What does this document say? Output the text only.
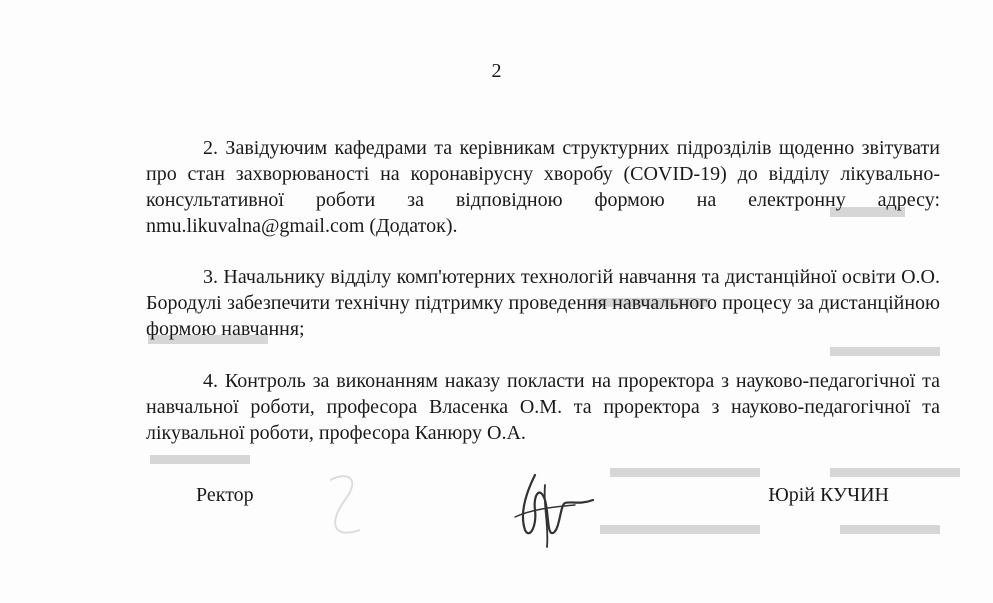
2

2. Завідуючим кафедрами та керівникам структурних підрозділів щоденно звітувати про стан захворюваності на коронавірусну хворобу (COVID-19) до відділу лікувально-консультативної роботи за відповідною формою на електронну адресу: nmu.likuvalna@gmail.com (Додаток).

3. Начальнику відділу комп'ютерних технологій навчання та дистанційної освіти О.О. Бородулі забезпечити технічну підтримку проведення навчального процесу за дистанційною формою навчання;

4. Контроль за виконанням наказу покласти на проректора з науково-педагогічної та навчальної роботи, професора Власенка О.М. та проректора з науково-педагогічної та лікувальної роботи, професора Канюру О.А.

Ректор	Юрій КУЧИН
